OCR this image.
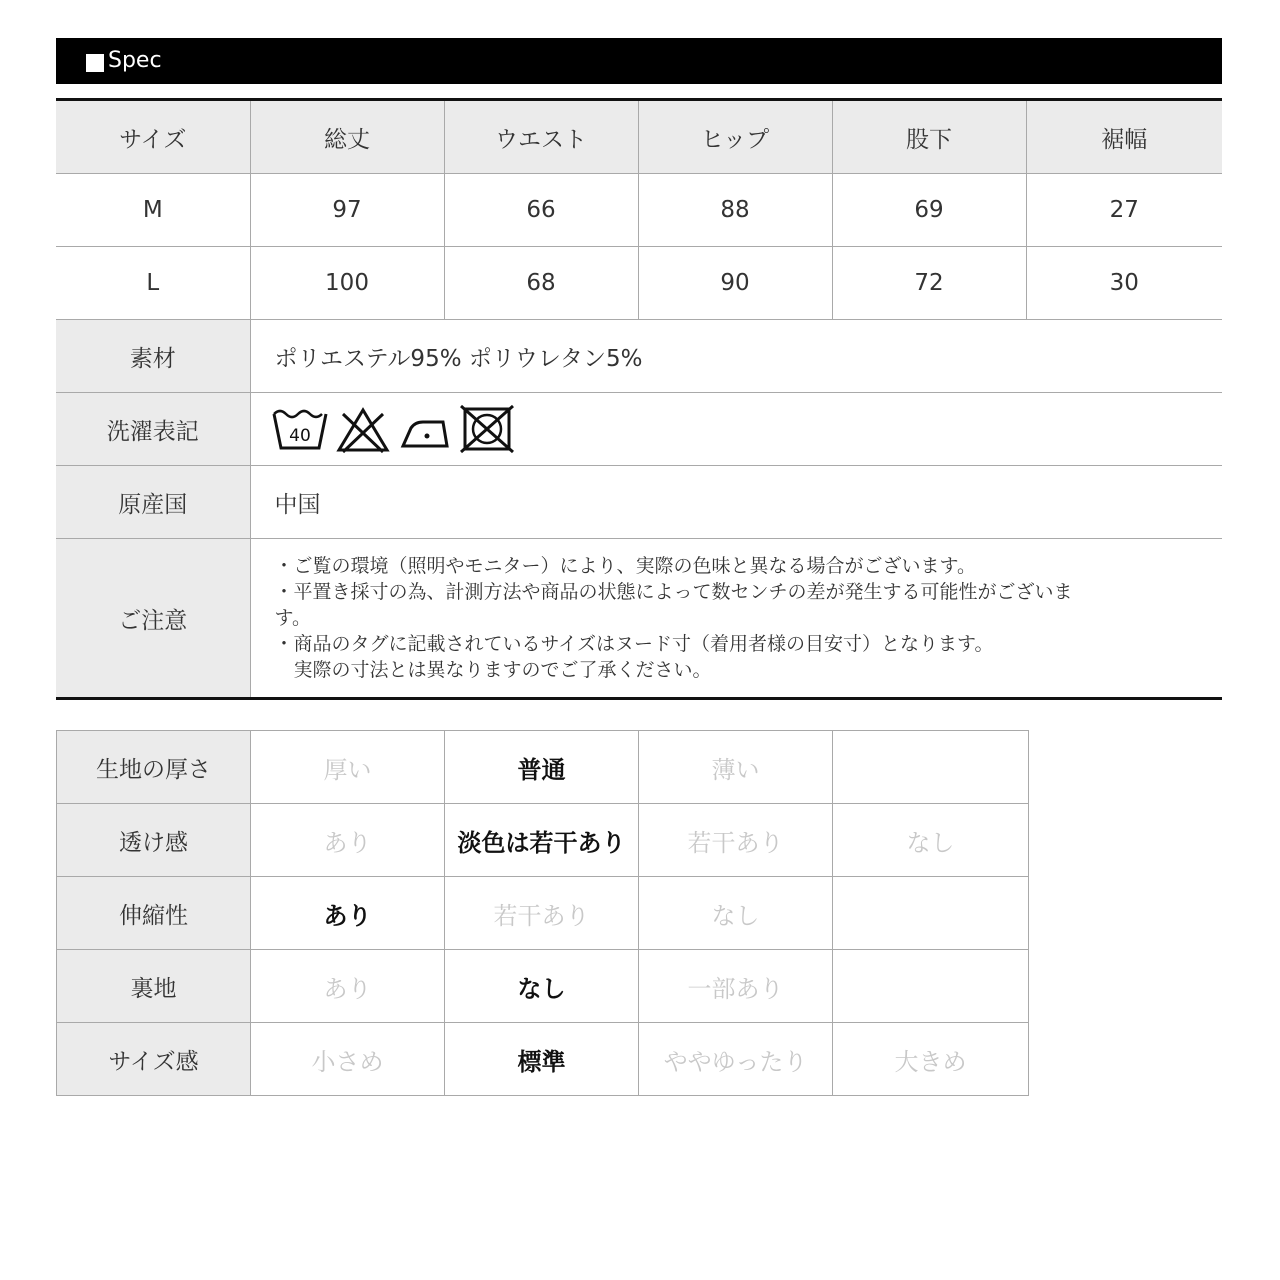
Spec
サイズ	総丈	ウエスト	ヒップ	股下	裾幅
M	97	66	88	69	27
L	100	68	90	72	30
素材	ポリエステル95% ポリウレタン5%				
洗濯表記	40				

原産国	中国				
ご注意	・ご覧の環境（照明やモニター）により、実際の色味と異なる場合がございます。
・平置き採寸の為、計測方法や商品の状態によって数センチの差が発生する可能性がございま
す。
・商品のタグに記載されているサイズはヌード寸（着用者様の目安寸）となります。
　実際の寸法とは異なりますのでご了承ください。				
生地の厚さ	厚い	普通	薄い	
透け感	あり	淡色は若干あり	若干あり	なし
伸縮性	あり	若干あり	なし	
裏地	あり	なし	一部あり	
サイズ感	小さめ	標準	ややゆったり	大きめ
